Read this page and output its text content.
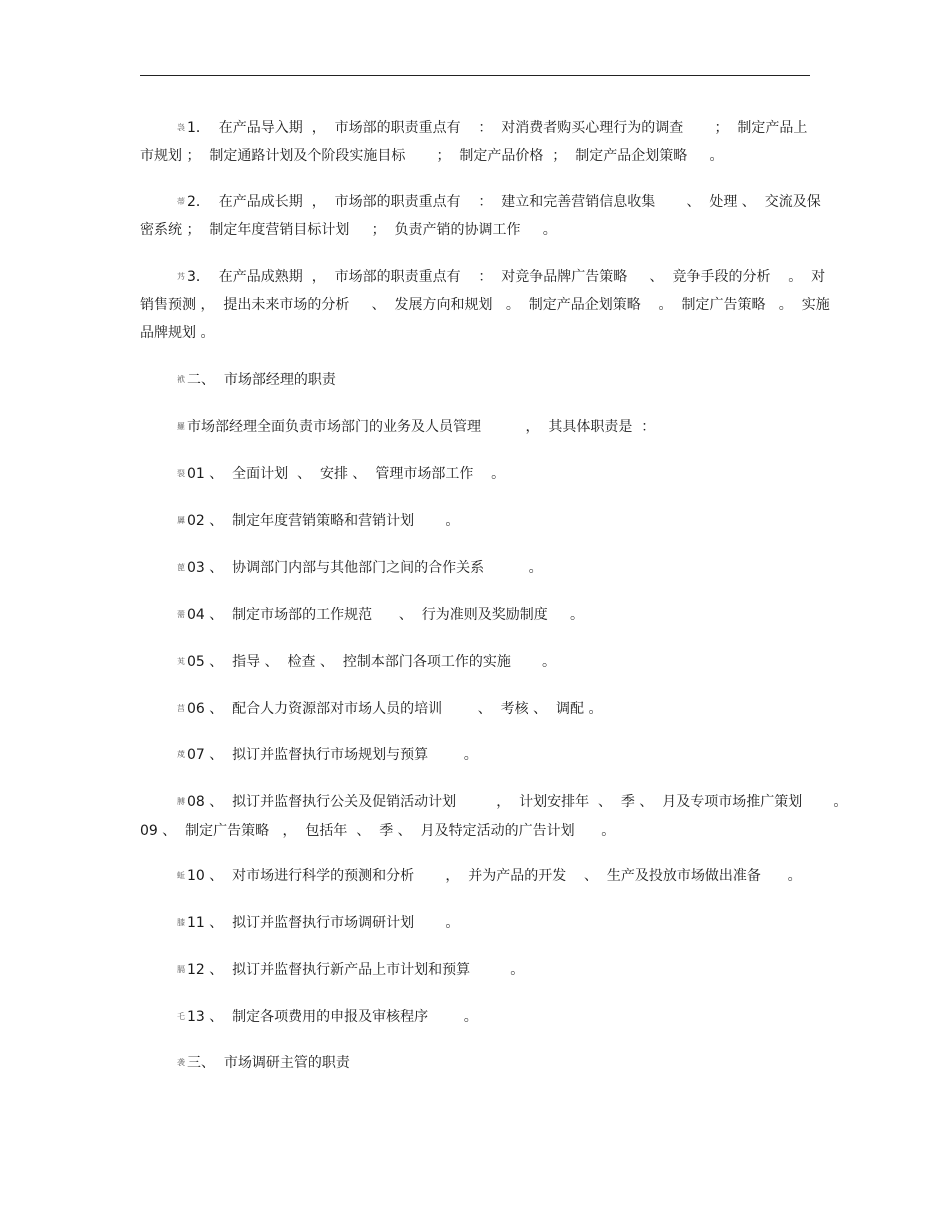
袅 1．  在产品导入期  ，  市场部的职责重点有    ：  对消费者购买心理行为的调查       ；  制定产品上
市规划 ；  制定通路计划及个阶段实施目标       ；  制定产品价格  ；  制定产品企划策略     。
蒂 2．  在产品成长期  ，  市场部的职责重点有    ：  建立和完善营销信息收集       、  处理 、  交流及保
密系统 ；  制定年度营销目标计划     ；  负责产销的协调工作     。
艿 3．  在产品成熟期  ，  市场部的职责重点有    ：  对竞争品牌广告策略     、  竞争手段的分析    。  对
销售预测 ，  提出未来市场的分析     、  发展方向和规划   。  制定产品企划策略    。  制定广告策略   。  实施
品牌规划 。
袱 二、  市场部经理的职责
羅 市场部经理全面负责市场部门的业务及人员管理          ，  其具体职责是  ：
裂 01 、  全面计划  、  安排 、  管理市场部工作    。
羼 02 、  制定年度营销策略和营销计划       。
蓖 03 、  协调部门内部与其他部门之间的合作关系          。
薷 04 、  制定市场部的工作规范      、  行为准则及奖励制度     。
芄 05 、  指导 、  检查 、  控制本部门各项工作的实施       。
莒 06 、  配合人力资源部对市场人员的培训        、  考核 、  调配 。
荗 07 、  拟订并监督执行市场规划与预算        。
膊 08 、  拟订并监督执行公关及促销活动计划         ，  计划安排年  、  季 、  月及专项市场推广策划       。
09 、  制定广告策略   ，  包括年  、  季 、  月及特定活动的广告计划      。
蚯 10 、  对市场进行科学的预测和分析       ，  并为产品的开发    、  生产及投放市场做出准备      。
膝 11 、  拟订并监督执行市场调研计划       。
膈 12 、  拟订并监督执行新产品上市计划和预算         。
乇 13 、  制定各项费用的申报及审核程序        。
袭 三、  市场调研主管的职责
